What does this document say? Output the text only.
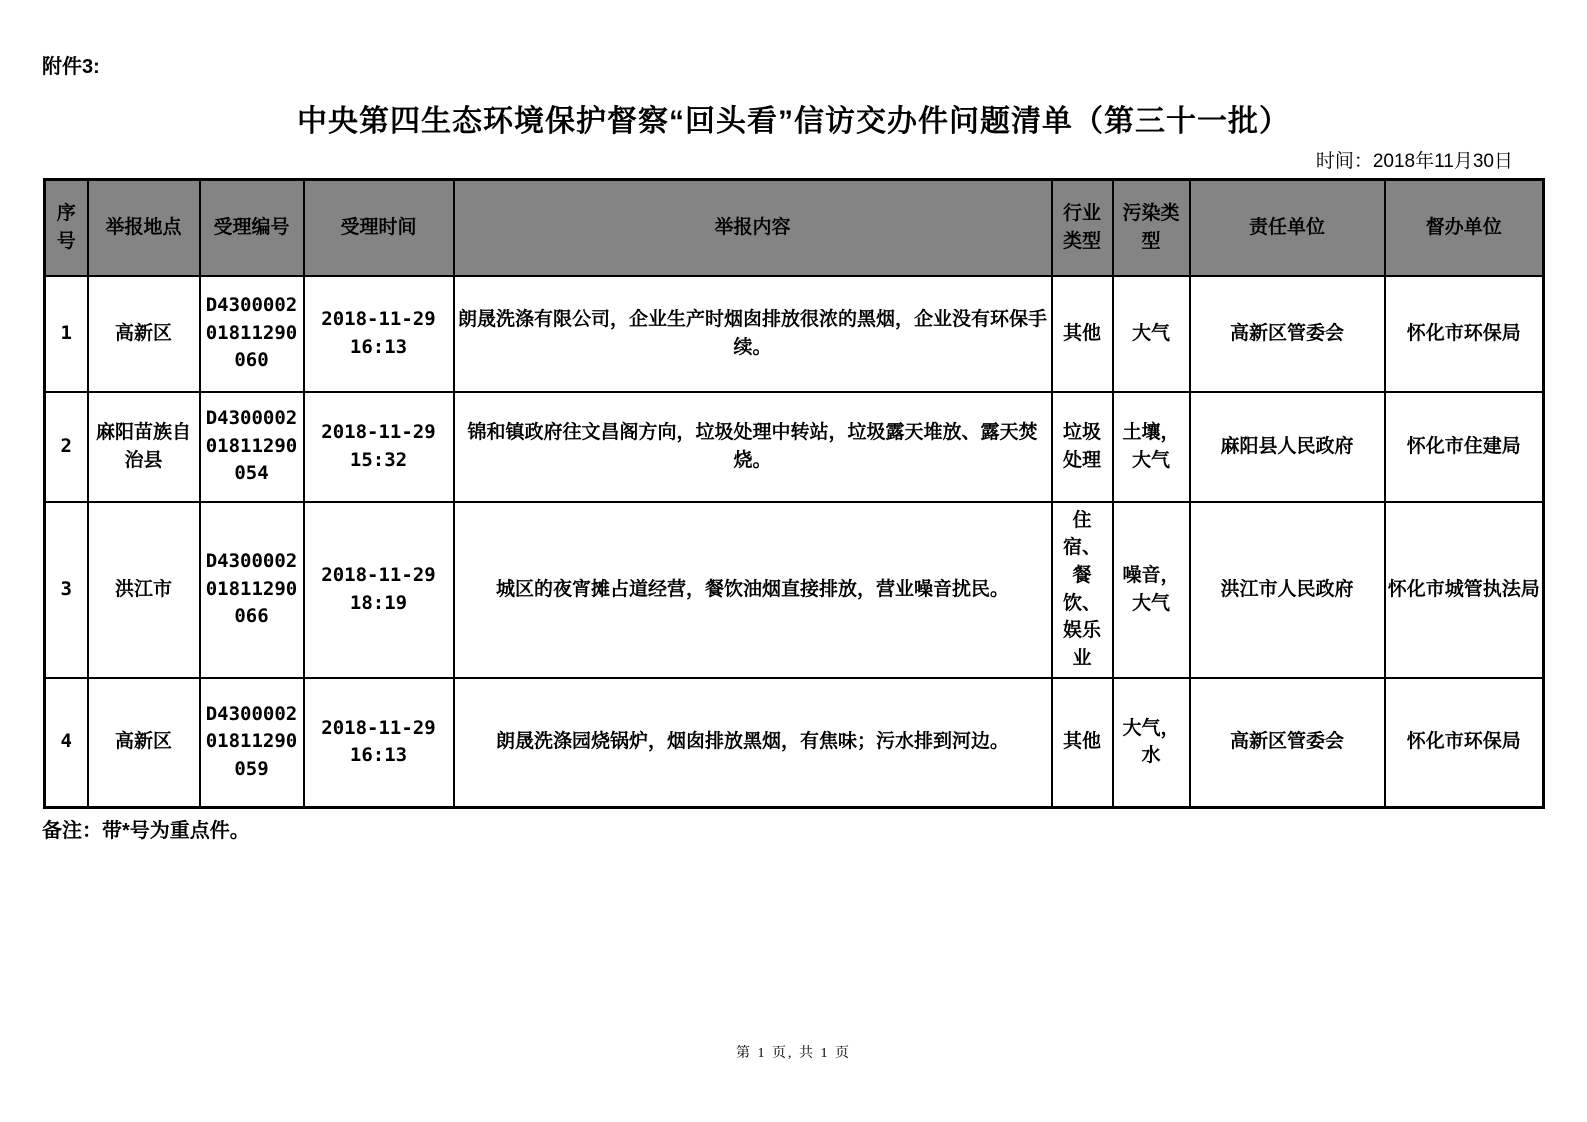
附件3:
中央第四生态环境保护督察“回头看”信访交办件问题清单（第三十一批）
时间：2018年11月30日
序号	举报地点	受理编号	受理时间	举报内容	行业类型	污染类型	责任单位	督办单位
1	高新区	D430000201811290060	2018-11-29 16:13	朗晟洗涤有限公司，企业生产时烟囱排放很浓的黑烟，企业没有环保手续。	其他	大气	高新区管委会	怀化市环保局
2	麻阳苗族自治县	D430000201811290054	2018-11-29 15:32	锦和镇政府往文昌阁方向，垃圾处理中转站，垃圾露天堆放、露天焚烧。	垃圾处理	土壤，大气	麻阳县人民政府	怀化市住建局
3	洪江市	D430000201811290066	2018-11-29 18:19	城区的夜宵摊占道经营，餐饮油烟直接排放，营业噪音扰民。	住宿、餐饮、娱乐业	噪音，大气	洪江市人民政府	怀化市城管执法局
4	高新区	D430000201811290059	2018-11-29 16:13	朗晟洗涤园烧锅炉，烟囱排放黑烟，有焦味；污水排到河边。	其他	大气，水	高新区管委会	怀化市环保局
备注：带*号为重点件。
第 1 页, 共 1 页
